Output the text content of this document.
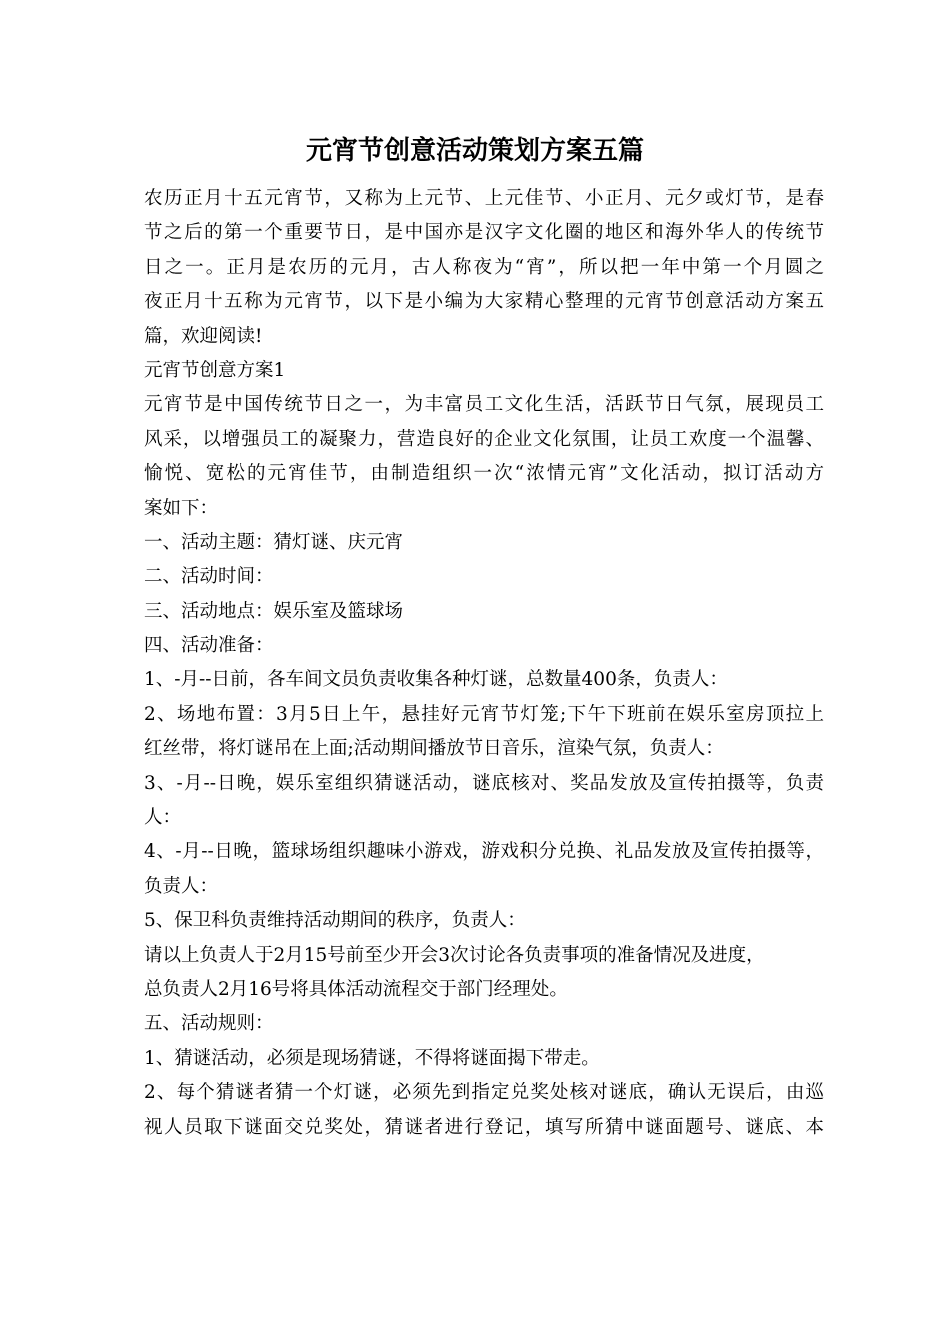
元宵节创意活动策划方案五篇
农历正月十五元宵节，又称为上元节、上元佳节、小正月、元夕或灯节，是春
节之后的第一个重要节日，是中国亦是汉字文化圈的地区和海外华人的传统节
日之一。正月是农历的元月，古人称夜为“宵”，所以把一年中第一个月圆之
夜正月十五称为元宵节，以下是小编为大家精心整理的元宵节创意活动方案五
篇，欢迎阅读!
元宵节创意方案1
元宵节是中国传统节日之一，为丰富员工文化生活，活跃节日气氛，展现员工
风采，以增强员工的凝聚力，营造良好的企业文化氛围，让员工欢度一个温馨、
愉悦、宽松的元宵佳节，由制造组织一次“浓情元宵”文化活动，拟订活动方
案如下：
一、活动主题：猜灯谜、庆元宵
二、活动时间：
三、活动地点：娱乐室及篮球场
四、活动准备：
1、-月--日前，各车间文员负责收集各种灯谜，总数量400条，负责人：
2、场地布置：3月5日上午，悬挂好元宵节灯笼;下午下班前在娱乐室房顶拉上
红丝带，将灯谜吊在上面;活动期间播放节日音乐，渲染气氛，负责人：
3、-月--日晚，娱乐室组织猜谜活动，谜底核对、奖品发放及宣传拍摄等，负责
人：
4、-月--日晚，篮球场组织趣味小游戏，游戏积分兑换、礼品发放及宣传拍摄等，
负责人：
5、保卫科负责维持活动期间的秩序，负责人：
请以上负责人于2月15号前至少开会3次讨论各负责事项的准备情况及进度，
总负责人2月16号将具体活动流程交于部门经理处。
五、活动规则：
1、猜谜活动，必须是现场猜谜，不得将谜面揭下带走。
2、每个猜谜者猜一个灯谜，必须先到指定兑奖处核对谜底，确认无误后，由巡
视人员取下谜面交兑奖处，猜谜者进行登记，填写所猜中谜面题号、谜底、本
